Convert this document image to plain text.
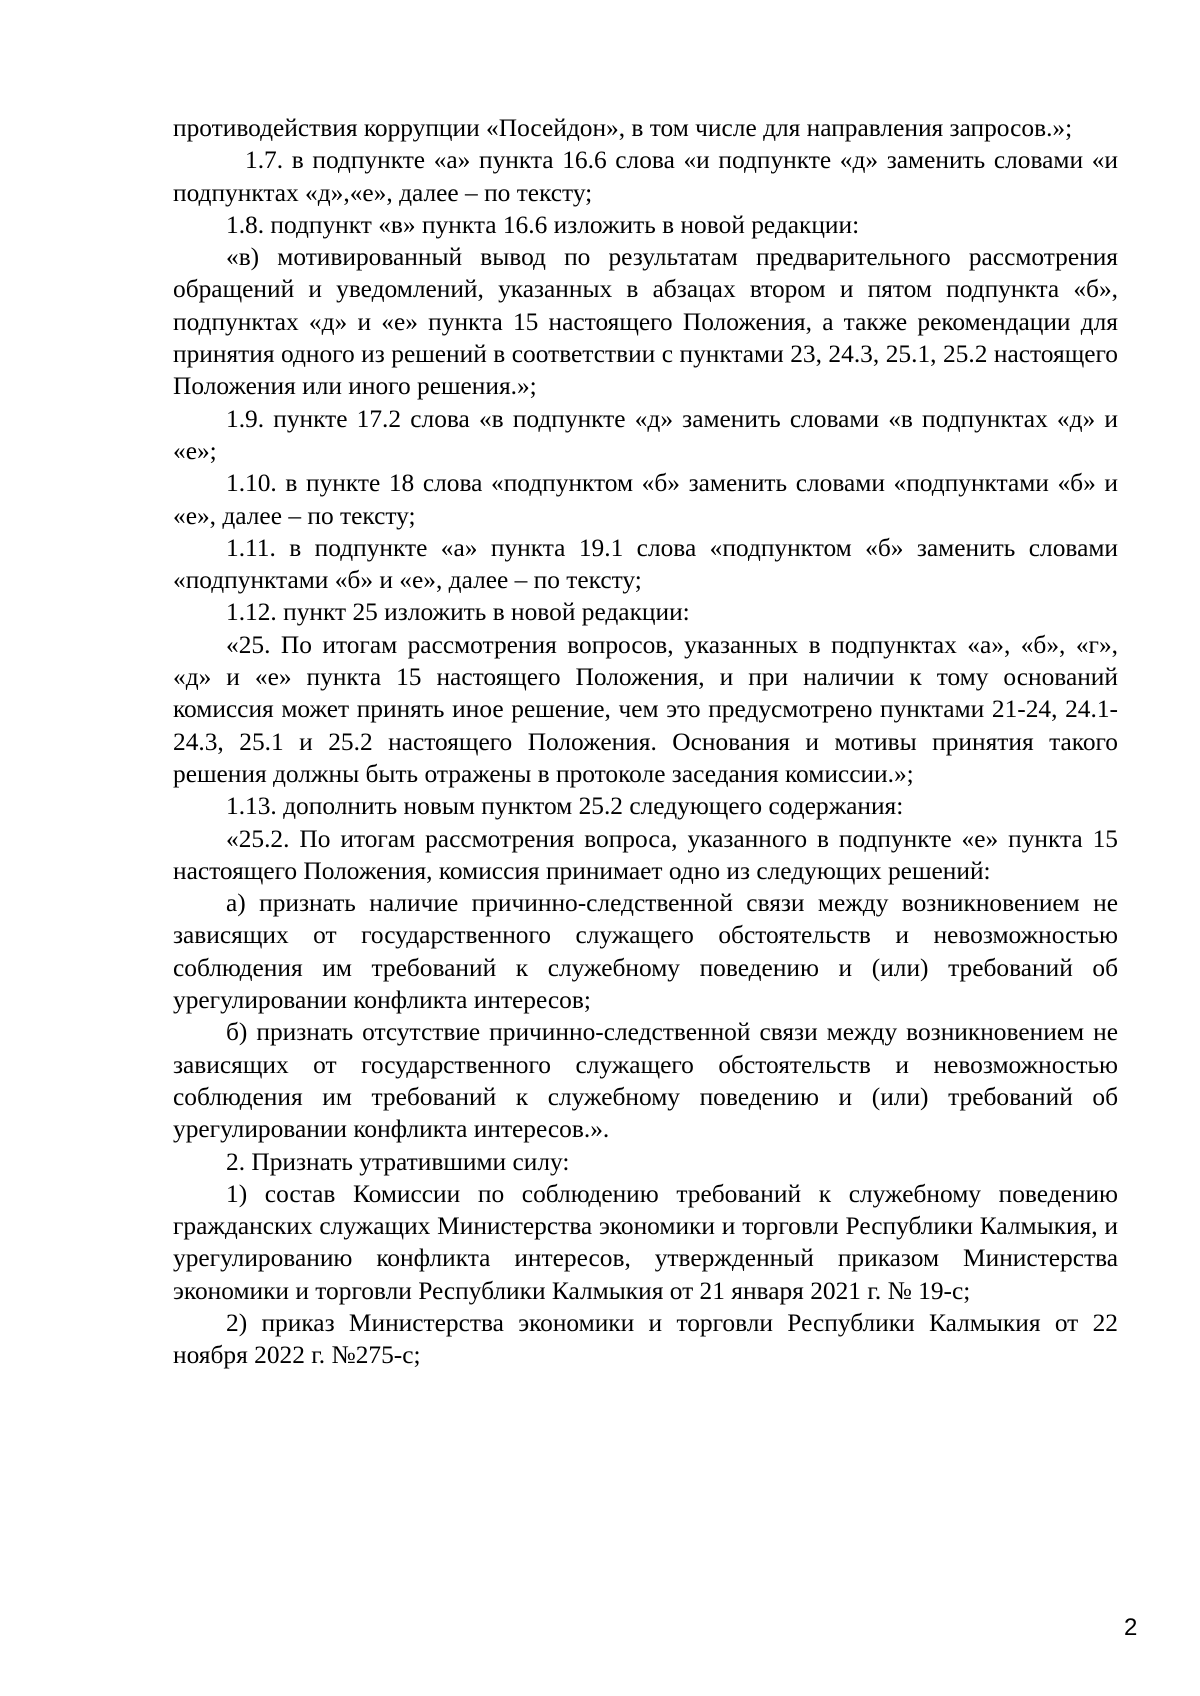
противодействия коррупции «Посейдон», в том числе для направления запросов.»;

1.7. в подпункте «а» пункта 16.6 слова «и подпункте «д» заменить словами «и подпунктах «д»,«е», далее – по тексту;

1.8. подпункт «в» пункта 16.6 изложить в новой редакции:

«в) мотивированный вывод по результатам предварительного рассмотрения обращений и уведомлений, указанных в абзацах втором и пятом подпункта «б», подпунктах «д» и «е» пункта 15 настоящего Положения, а также рекомендации для принятия одного из решений в соответствии с пунктами 23, 24.3, 25.1, 25.2 настоящего Положения или иного решения.»;

1.9. пункте 17.2 слова «в подпункте «д» заменить словами «в подпунктах «д» и «е»;

1.10. в пункте 18 слова «подпунктом «б» заменить словами «подпунктами «б» и «е», далее – по тексту;

1.11. в подпункте «а» пункта 19.1 слова «подпунктом «б» заменить словами «подпунктами «б» и «е», далее – по тексту;

1.12. пункт 25 изложить в новой редакции:

«25. По итогам рассмотрения вопросов, указанных в подпунктах «а», «б», «г», «д» и «е» пункта 15 настоящего Положения, и при наличии к тому оснований комиссия может принять иное решение, чем это предусмотрено пунктами 21-24, 24.1-24.3, 25.1 и 25.2 настоящего Положения. Основания и мотивы принятия такого решения должны быть отражены в протоколе заседания комиссии.»;

1.13. дополнить новым пунктом 25.2 следующего содержания:

«25.2. По итогам рассмотрения вопроса, указанного в подпункте «е» пункта 15 настоящего Положения, комиссия принимает одно из следующих решений:

а) признать наличие причинно-следственной связи между возникновением не зависящих от государственного служащего обстоятельств и невозможностью соблюдения им требований к служебному поведению и (или) требований об урегулировании конфликта интересов;

б) признать отсутствие причинно-следственной связи между возникновением не зависящих от государственного служащего обстоятельств и невозможностью соблюдения им требований к служебному поведению и (или) требований об урегулировании конфликта интересов.».

2. Признать утратившими силу:

1) состав Комиссии по соблюдению требований к служебному поведению гражданских служащих Министерства экономики и торговли Республики Калмыкия, и урегулированию конфликта интересов, утвержденный приказом Министерства экономики и торговли Республики Калмыкия от 21 января 2021 г. № 19-с;

2) приказ Министерства экономики и торговли Республики Калмыкия от 22 ноября 2022 г. №275-с;

2
